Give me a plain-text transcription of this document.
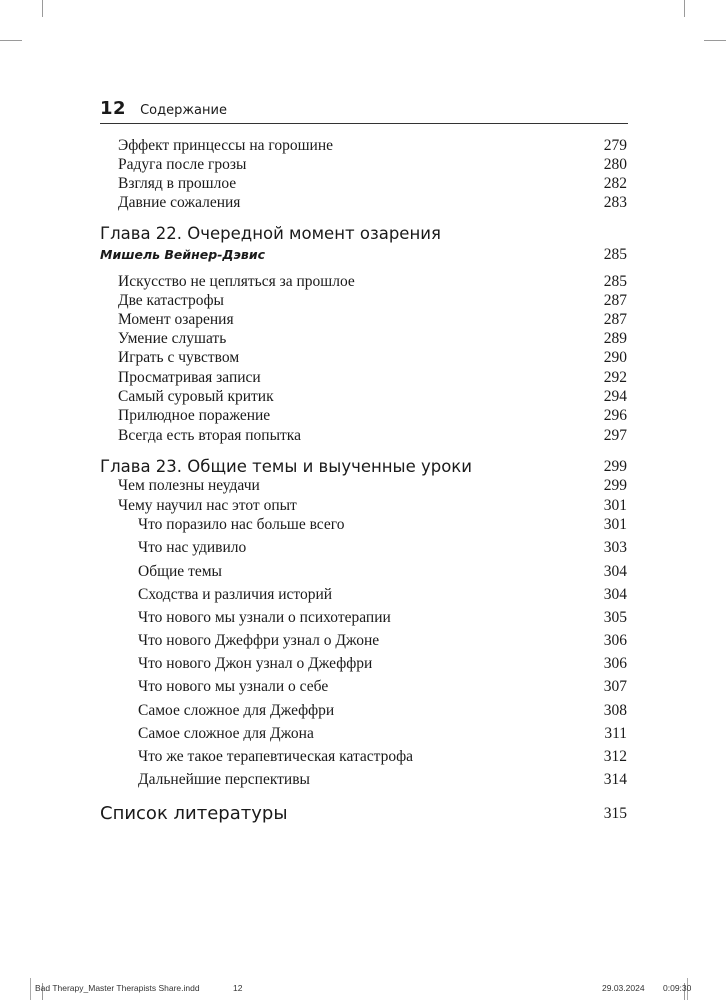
12 Содержание
Эффект принцессы на горошине	279
Радуга после грозы	280
Взгляд в прошлое	282
Давние сожаления	283
Глава 22. Очередной момент озарения
Мишель Вейнер-Дэвис	285
Искусство не цепляться за прошлое	285
Две катастрофы	287
Момент озарения	287
Умение слушать	289
Играть с чувством	290
Просматривая записи	292
Самый суровый критик	294
Прилюдное поражение	296
Всегда есть вторая попытка	297
Глава 23. Общие темы и выученные уроки	299
Чем полезны неудачи	299
Чему научил нас этот опыт	301
Что поразило нас больше всего	301
Что нас удивило	303
Общие темы	304
Сходства и различия историй	304
Что нового мы узнали о психотерапии	305
Что нового Джеффри узнал о Джоне	306
Что нового Джон узнал о Джеффри	306
Что нового мы узнали о себе	307
Самое сложное для Джеффри	308
Самое сложное для Джона	311
Что же такое терапевтическая катастрофа	312
Дальнейшие перспективы	314
Список литературы	315
Bad Therapy_Master Therapists Share.indd	12	29.03.2024 0:09:30
